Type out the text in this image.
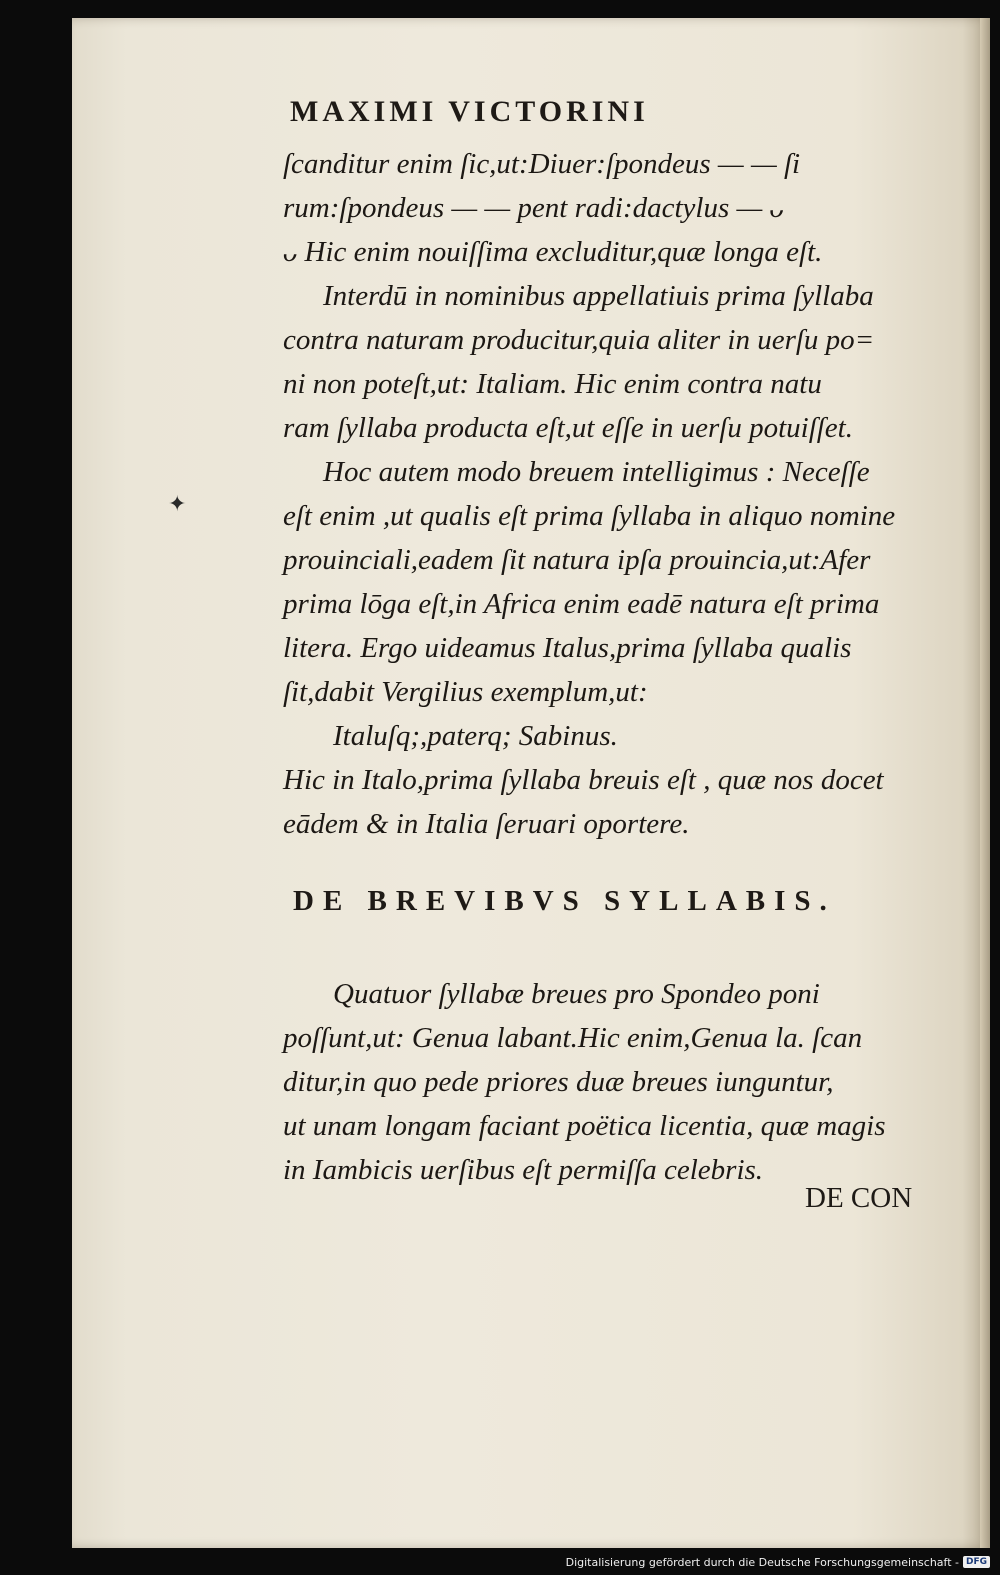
✦
MAXIMI VICTORINI
ſcanditur enim ſic,ut:Diuer:ſpondeus — — ſi
rum:ſpondeus — — pent radi:dactylus — ᴗ
ᴗ Hic enim nouiſſima excluditur,quæ longa eſt.
Interdū in nominibus appellatiuis prima ſyllaba
contra naturam producitur,quia aliter in uerſu po=
ni non poteſt,ut: Italiam. Hic enim contra natu
ram ſyllaba producta eſt,ut eſſe in uerſu potuiſſet.
Hoc autem modo breuem intelligimus : Neceſſe
eſt enim ,ut qualis eſt prima ſyllaba in aliquo nomine
prouinciali,eadem ſit natura ipſa prouincia,ut:Afer
prima lōga eſt,in Africa enim eadē natura eſt prima
litera. Ergo uideamus Italus,prima ſyllaba qualis
ſit,dabit Vergilius exemplum,ut:
Italuſq;,paterq; Sabinus.
Hic in Italo,prima ſyllaba breuis eſt , quæ nos docet
eādem & in Italia ſeruari oportere.
DE BREVIBVS SYLLABIS.
Quatuor ſyllabæ breues pro Spondeo poni
poſſunt,ut: Genua labant.Hic enim,Genua la. ſcan
ditur,in quo pede priores duæ breues iunguntur,
ut unam longam faciant poëtica licentia, quæ magis
in Iambicis uerſibus eſt permiſſa celebris.
DE CON
Digitalisierung gefördert durch die Deutsche Forschungsgemeinschaft - DFG
